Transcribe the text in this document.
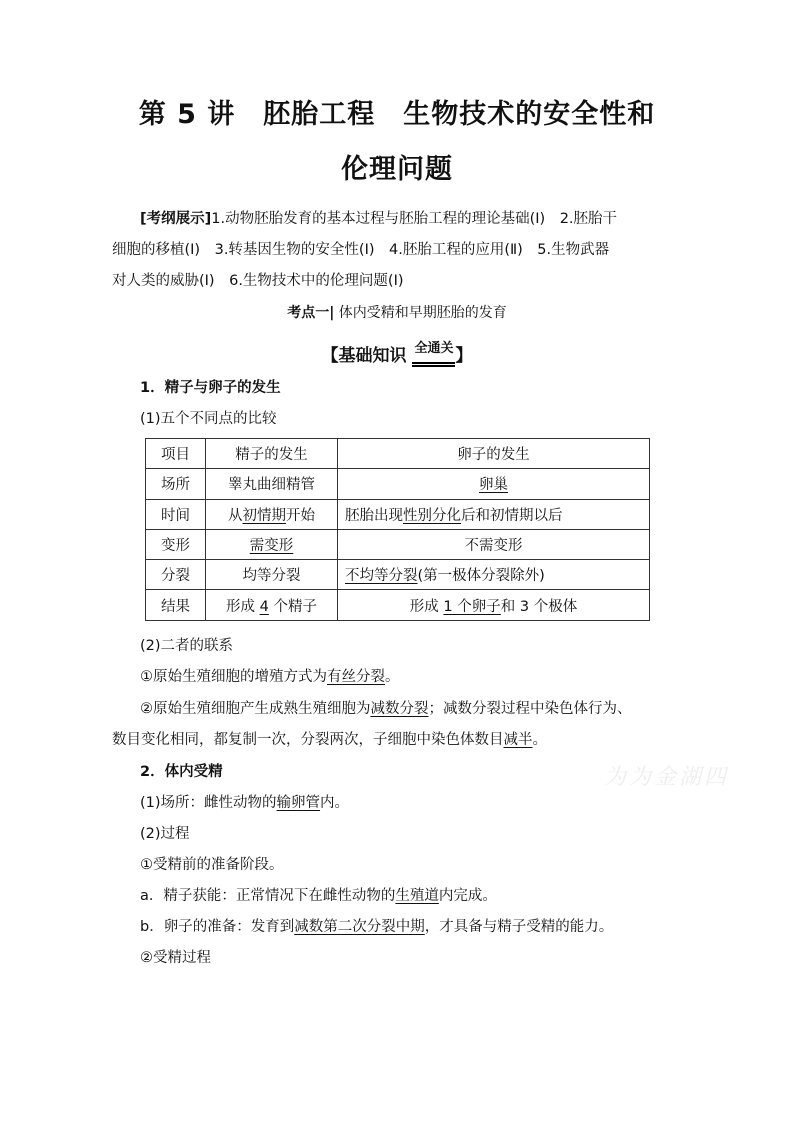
第 5 讲　胚胎工程　生物技术的安全性和
伦理问题
[考纲展示]1.动物胚胎发育的基本过程与胚胎工程的理论基础(Ⅰ)　2.胚胎干
细胞的移植(Ⅰ)　3.转基因生物的安全性(Ⅰ)　4.胚胎工程的应用(Ⅱ)　5.生物武器
对人类的威胁(Ⅰ)　6.生物技术中的伦理问题(Ⅰ)
考点一| 体内受精和早期胚胎的发育
【基础知识 全通关 】
1．精子与卵子的发生
(1)五个不同点的比较
项目	精子的发生	卵子的发生
场所	睾丸曲细精管	卵巢
时间	从初情期开始	胚胎出现性别分化后和初情期以后
变形	需变形	不需变形
分裂	均等分裂	不均等分裂(第一极体分裂除外)
结果	形成 4 个精子	形成 1 个卵子和 3 个极体
(2)二者的联系
①原始生殖细胞的增殖方式为有丝分裂。
②原始生殖细胞产生成熟生殖细胞为减数分裂；减数分裂过程中染色体行为、
数目变化相同，都复制一次，分裂两次，子细胞中染色体数目减半。
为为金湖四
2．体内受精
(1)场所：雌性动物的输卵管内。
(2)过程
①受精前的准备阶段。
a．精子获能：正常情况下在雌性动物的生殖道内完成。
b．卵子的准备：发育到减数第二次分裂中期，才具备与精子受精的能力。
②受精过程
